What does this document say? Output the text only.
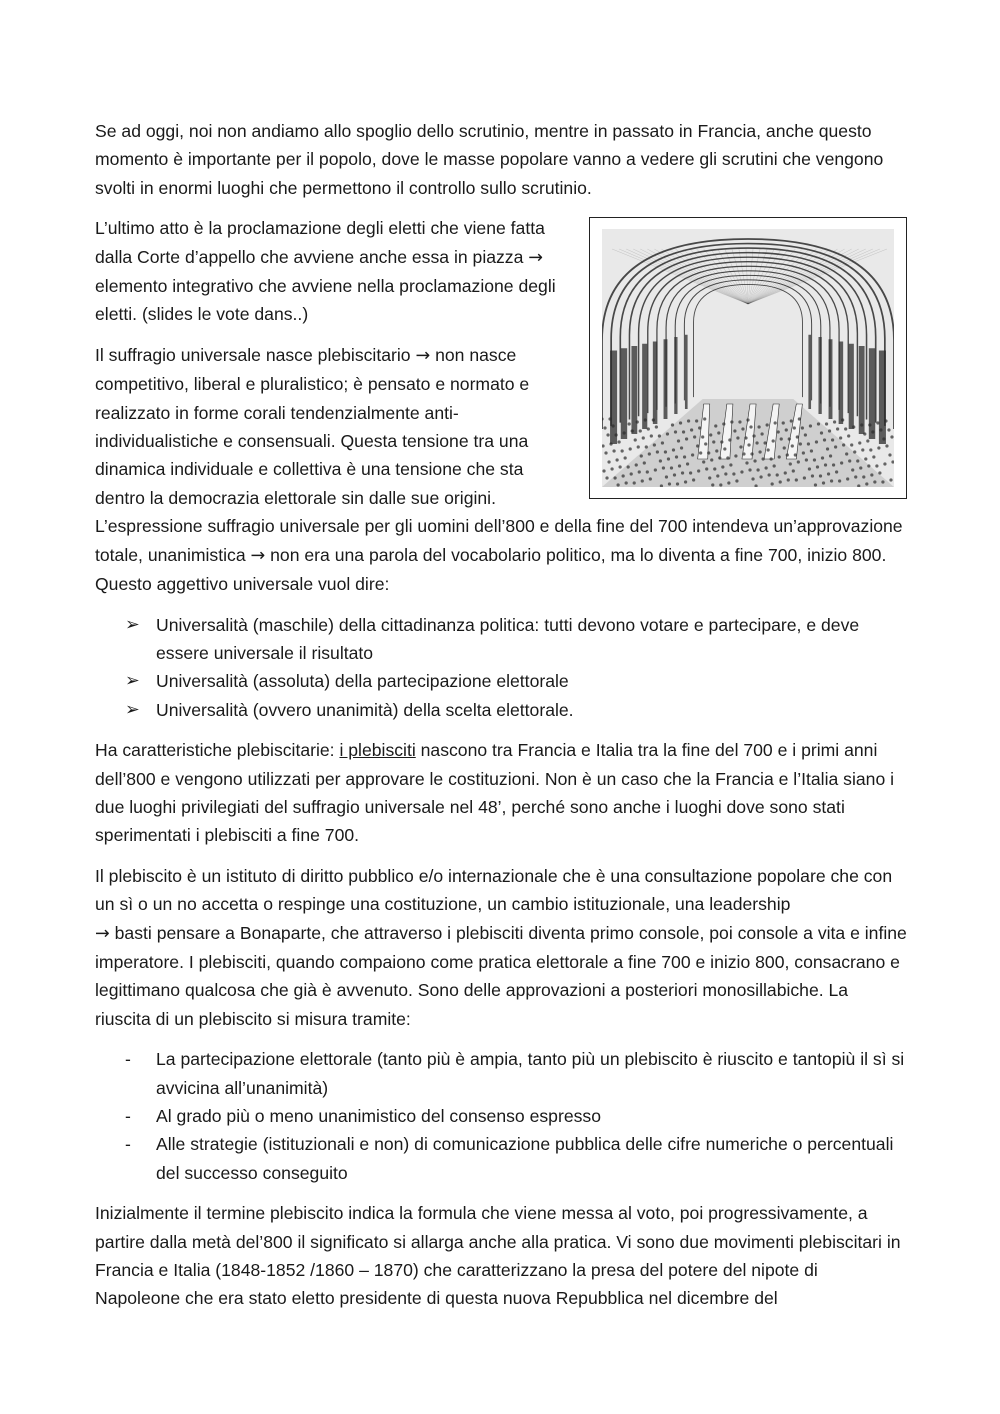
Se ad oggi, noi non andiamo allo spoglio dello scrutinio, mentre in passato in Francia, anche questo momento è importante per il popolo, dove le masse popolare vanno a vedere gli scrutini che vengono svolti in enormi luoghi che permettono il controllo sullo scrutinio.

L’ultimo atto è la proclamazione degli eletti che viene fatta dalla Corte d’appello che avviene anche essa in piazza → elemento integrativo che avviene nella proclamazione degli eletti. (slides le vote dans..)

Il suffragio universale nasce plebiscitario → non nasce competitivo, liberal e pluralistico; è pensato e normato e realizzato in forme corali tendenzialmente anti-individualistiche e consensuali. Questa tensione tra una dinamica individuale e collettiva è una tensione che sta dentro la democrazia elettorale sin dalle sue origini. L’espressione suffragio universale per gli uomini dell’800 e della fine del 700 intendeva un’approvazione totale, unanimistica → non era una parola del vocabolario politico, ma lo diventa a fine 700, inizio 800. Questo aggettivo universale vuol dire:

➢ Universalità (maschile) della cittadinanza politica: tutti devono votare e partecipare, e deve essere universale il risultato
➢ Universalità (assoluta) della partecipazione elettorale
➢ Universalità (ovvero unanimità) della scelta elettorale.

Ha caratteristiche plebiscitarie: i plebisciti nascono tra Francia e Italia tra la fine del 700 e i primi anni dell’800 e vengono utilizzati per approvare le costituzioni. Non è un caso che la Francia e l’Italia siano i due luoghi privilegiati del suffragio universale nel 48’, perché sono anche i luoghi dove sono stati sperimentati i plebisciti a fine 700.

Il plebiscito è un istituto di diritto pubblico e/o internazionale che è una consultazione popolare che con un sì o un no accetta o respinge una costituzione, un cambio istituzionale, una leadership
→ basti pensare a Bonaparte, che attraverso i plebisciti diventa primo console, poi console a vita e infine imperatore. I plebisciti, quando compaiono come pratica elettorale a fine 700 e inizio 800, consacrano e legittimano qualcosa che già è avvenuto. Sono delle approvazioni a posteriori monosillabiche. La riuscita di un plebiscito si misura tramite:

- La partecipazione elettorale (tanto più è ampia, tanto più un plebiscito è riuscito e tantopiù il sì si avvicina all’unanimità)
- Al grado più o meno unanimistico del consenso espresso
- Alle strategie (istituzionali e non) di comunicazione pubblica delle cifre numeriche o percentuali del successo conseguito

Inizialmente il termine plebiscito indica la formula che viene messa al voto, poi progressivamente, a partire dalla metà del’800 il significato si allarga anche alla pratica. Vi sono due movimenti plebiscitari in Francia e Italia (1848-1852 /1860 – 1870) che caratterizzano la presa del potere del nipote di Napoleone che era stato eletto presidente di questa nuova Repubblica nel dicembre del
